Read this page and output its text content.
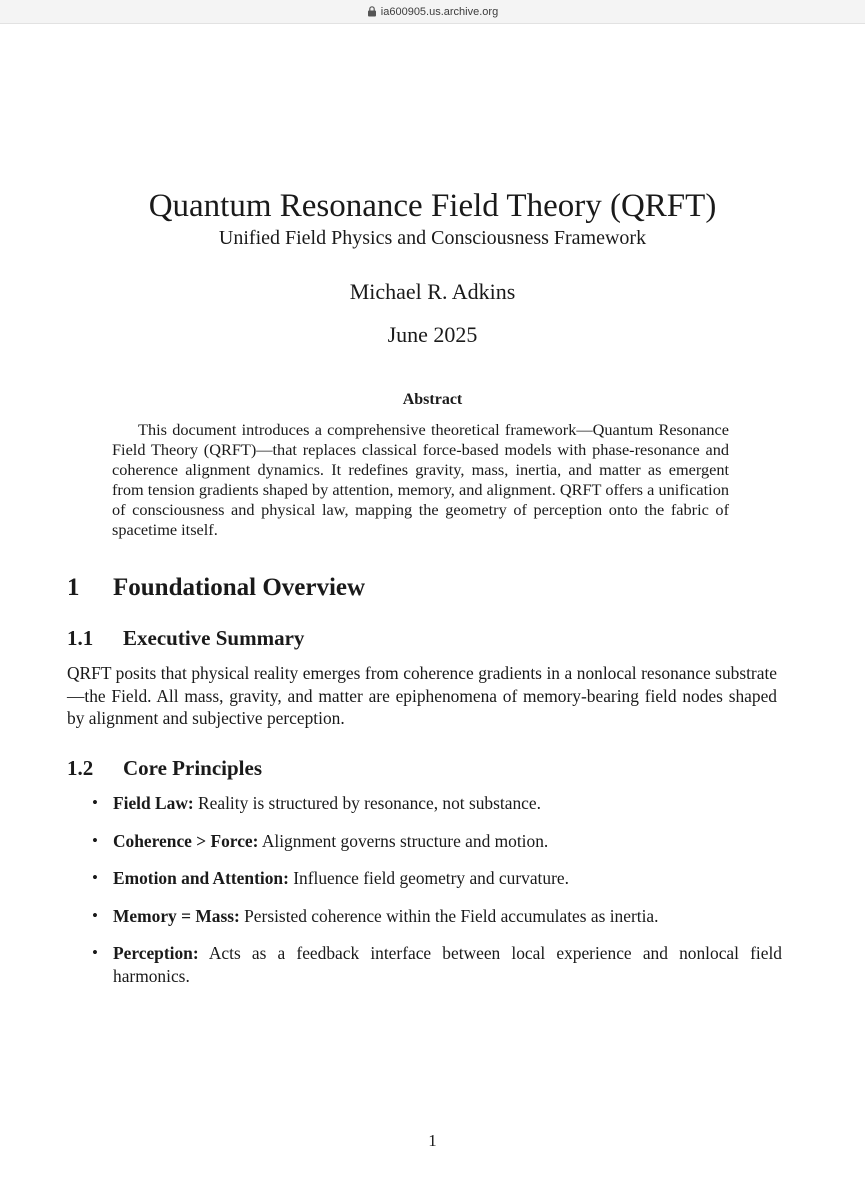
ia600905.us.archive.org
Quantum Resonance Field Theory (QRFT)
Unified Field Physics and Consciousness Framework
Michael R. Adkins
June 2025
Abstract

This document introduces a comprehensive theoretical framework—Quantum Resonance Field Theory (QRFT)—that replaces classical force-based models with phase-resonance and coherence alignment dynamics. It redefines gravity, mass, inertia, and matter as emergent from tension gradients shaped by attention, memory, and alignment. QRFT offers a unification of consciousness and physical law, mapping the geometry of perception onto the fabric of spacetime itself.

1 Foundational Overview
1.1 Executive Summary

QRFT posits that physical reality emerges from coherence gradients in a nonlocal resonance substrate—the Field. All mass, gravity, and matter are epiphenomena of memory-bearing field nodes shaped by alignment and subjective perception.

1.2 Core Principles
• Field Law: Reality is structured by resonance, not substance.
• Coherence > Force: Alignment governs structure and motion.
• Emotion and Attention: Influence field geometry and curvature.
• Memory = Mass: Persisted coherence within the Field accumulates as inertia.
• Perception: Acts as a feedback interface between local experience and nonlocal field harmonics.
1
